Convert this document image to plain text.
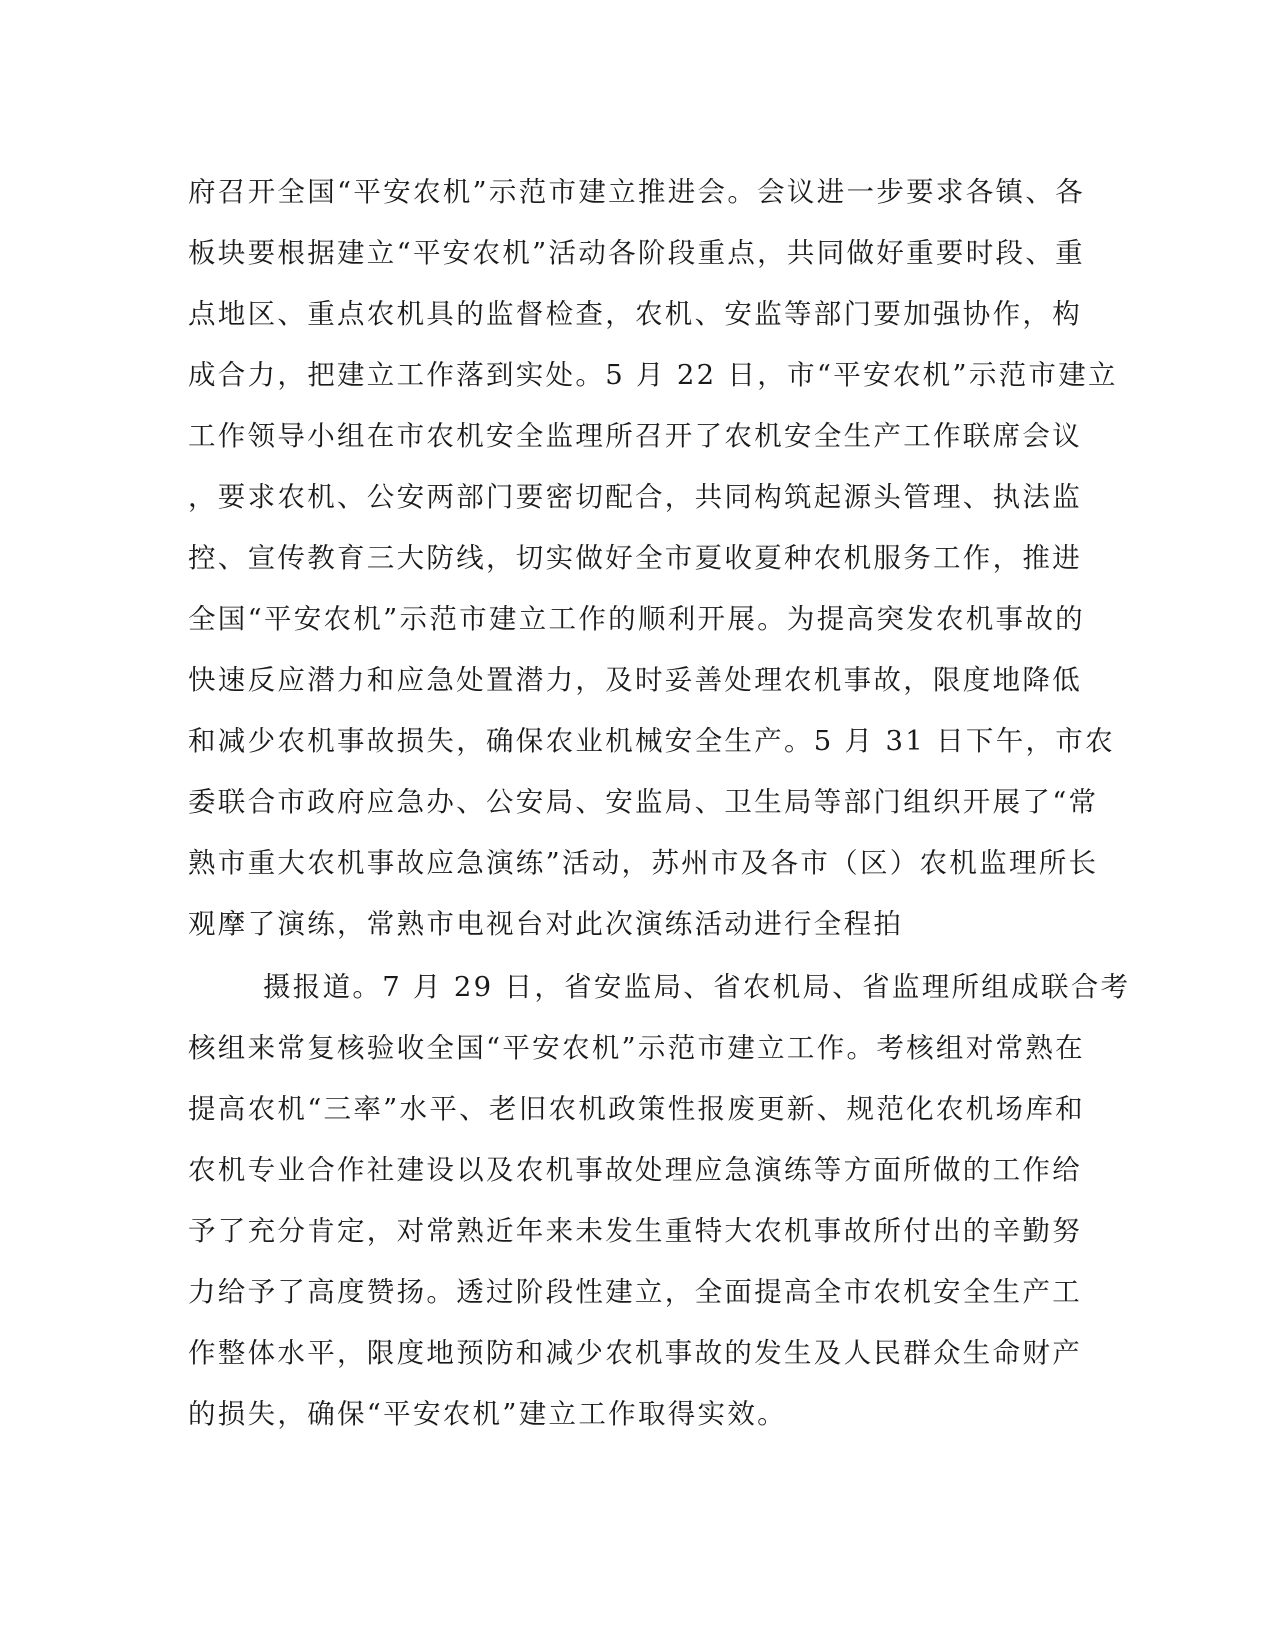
府召开全国“平安农机”示范市建立推进会。会议进一步要求各镇、各
板块要根据建立“平安农机”活动各阶段重点，共同做好重要时段、重
点地区、重点农机具的监督检查，农机、安监等部门要加强协作，构
成合力，把建立工作落到实处。5 月 22 日，市“平安农机”示范市建立
工作领导小组在市农机安全监理所召开了农机安全生产工作联席会议
，要求农机、公安两部门要密切配合，共同构筑起源头管理、执法监
控、宣传教育三大防线，切实做好全市夏收夏种农机服务工作，推进
全国“平安农机”示范市建立工作的顺利开展。为提高突发农机事故的
快速反应潜力和应急处置潜力，及时妥善处理农机事故，限度地降低
和减少农机事故损失，确保农业机械安全生产。5 月 31 日下午，市农
委联合市政府应急办、公安局、安监局、卫生局等部门组织开展了“常
熟市重大农机事故应急演练”活动，苏州市及各市（区）农机监理所长
观摩了演练，常熟市电视台对此次演练活动进行全程拍
摄报道。7 月 29 日，省安监局、省农机局、省监理所组成联合考
核组来常复核验收全国“平安农机”示范市建立工作。考核组对常熟在
提高农机“三率”水平、老旧农机政策性报废更新、规范化农机场库和
农机专业合作社建设以及农机事故处理应急演练等方面所做的工作给
予了充分肯定，对常熟近年来未发生重特大农机事故所付出的辛勤努
力给予了高度赞扬。透过阶段性建立，全面提高全市农机安全生产工
作整体水平，限度地预防和减少农机事故的发生及人民群众生命财产
的损失，确保“平安农机”建立工作取得实效。
